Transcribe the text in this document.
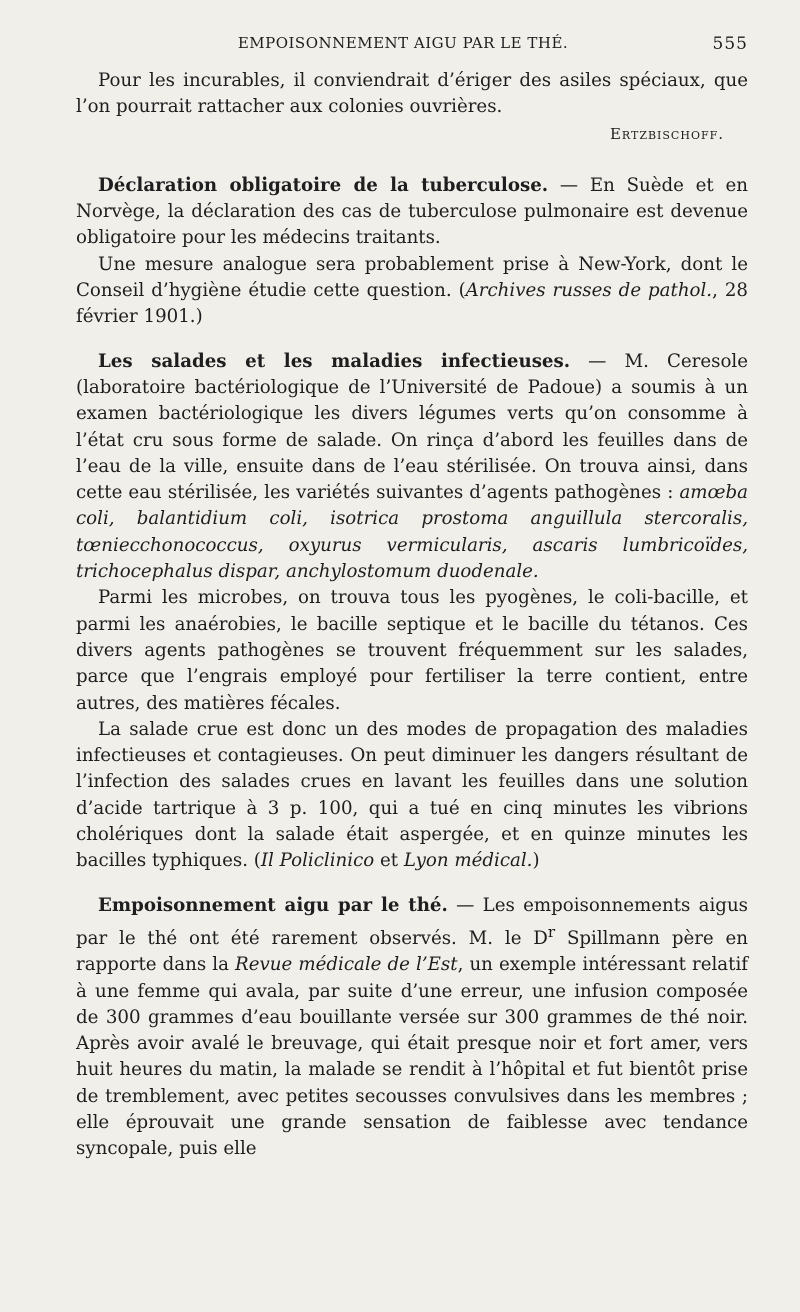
EMPOISONNEMENT AIGU PAR LE THÉ.	555

Pour les incurables, il conviendrait d’ériger des asiles spéciaux, que l’on pourrait rattacher aux colonies ouvrières.

Ertzbischoff.

Déclaration obligatoire de la tuberculose. — En Suède et en Norvège, la déclaration des cas de tuberculose pulmonaire est devenue obligatoire pour les médecins traitants.

Une mesure analogue sera probablement prise à New-York, dont le Conseil d’hygiène étudie cette question. (Archives russes de pathol., 28 février 1901.)

Les salades et les maladies infectieuses. — M. Ceresole (laboratoire bactériologique de l’Université de Padoue) a soumis à un examen bactériologique les divers légumes verts qu’on consomme à l’état cru sous forme de salade. On rinça d’abord les feuilles dans de l’eau de la ville, ensuite dans de l’eau stérilisée. On trouva ainsi, dans cette eau stérilisée, les variétés suivantes d’agents pathogènes : amœba coli, balantidium coli, isotrica prostoma anguillula stercoralis, tœniecchonococcus, oxyurus vermicularis, ascaris lumbricoïdes, trichocephalus dispar, anchylostomum duodenale.

Parmi les microbes, on trouva tous les pyogènes, le coli-bacille, et parmi les anaérobies, le bacille septique et le bacille du tétanos. Ces divers agents pathogènes se trouvent fréquemment sur les salades, parce que l’engrais employé pour fertiliser la terre contient, entre autres, des matières fécales.

La salade crue est donc un des modes de propagation des maladies infectieuses et contagieuses. On peut diminuer les dangers résultant de l’infection des salades crues en lavant les feuilles dans une solution d’acide tartrique à 3 p. 100, qui a tué en cinq minutes les vibrions cholériques dont la salade était aspergée, et en quinze minutes les bacilles typhiques. (Il Policlinico et Lyon médical.)

Empoisonnement aigu par le thé. — Les empoisonnements aigus par le thé ont été rarement observés. M. le $D^r$ Spillmann père en rapporte dans la Revue médicale de l’Est, un exemple intéressant relatif à une femme qui avala, par suite d’une erreur, une infusion composée de 300 grammes d’eau bouillante versée sur 300 grammes de thé noir. Après avoir avalé le breuvage, qui était presque noir et fort amer, vers huit heures du matin, la malade se rendit à l’hôpital et fut bientôt prise de tremblement, avec petites secousses convulsives dans les membres ; elle éprouvait une grande sensation de faiblesse avec tendance syncopale, puis elle
